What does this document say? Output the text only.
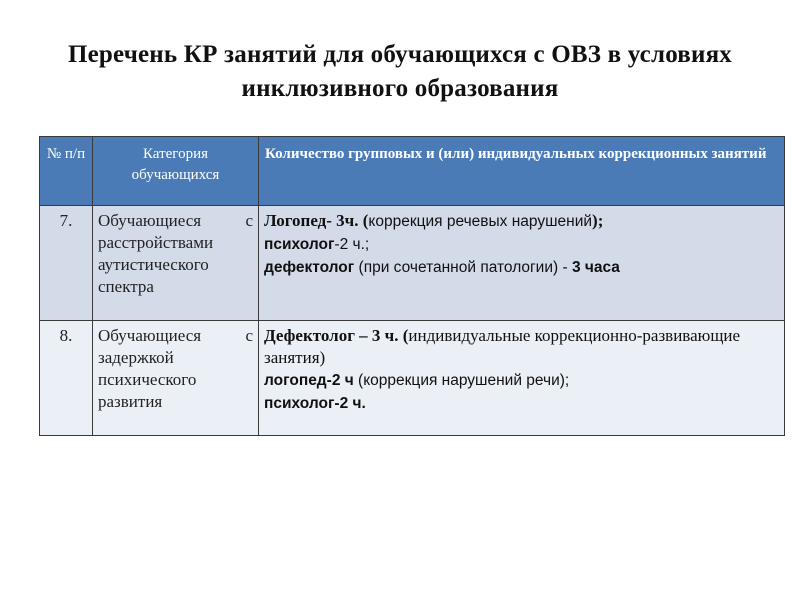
Перечень КР занятий для обучающихся с ОВЗ в условиях инклюзивного образования
№ п/п	Категория обучающихся	Количество групповых и (или) индивидуальных коррекционных занятий
7.	Обучающиеся с расстройствами аутистического спектра	Логопед- 3ч. (коррекция речевых нарушений);
психолог-2 ч.;
дефектолог (при сочетанной патологии) - 3 часа

8.	Обучающиеся с задержкой психического развития	Дефектолог – 3 ч. (индивидуальные коррекционно-развивающие занятия)
логопед-2 ч (коррекция нарушений речи);
психолог-2 ч.
